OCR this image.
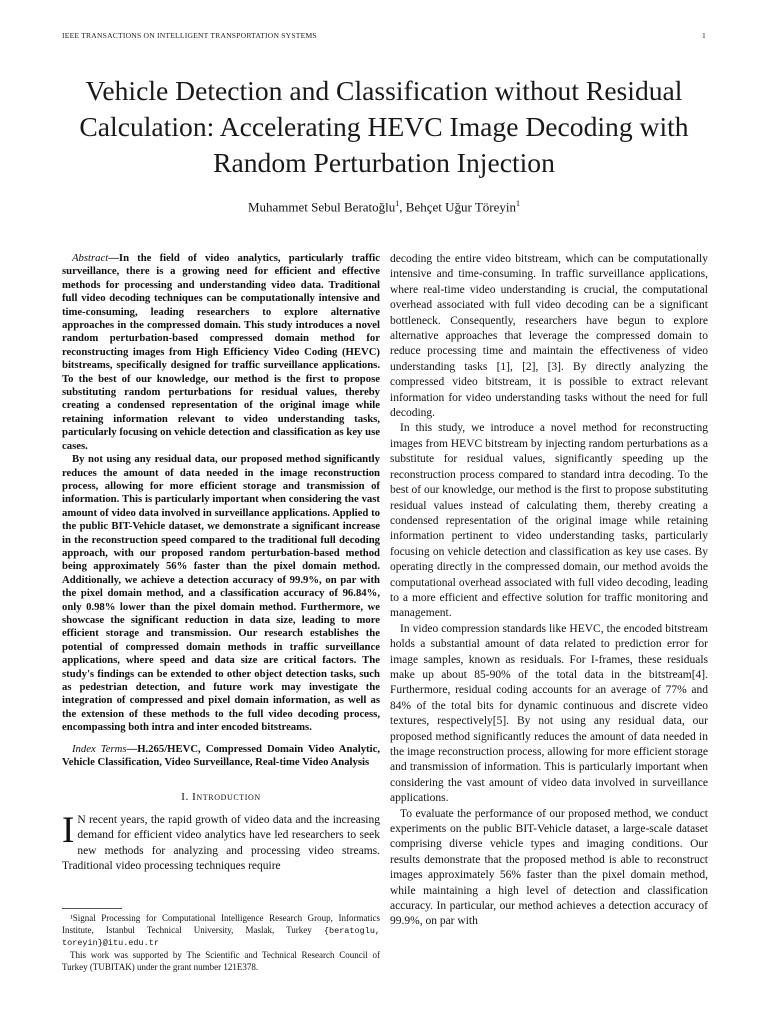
IEEE TRANSACTIONS ON INTELLIGENT TRANSPORTATION SYSTEMS	1
Vehicle Detection and Classification without Residual Calculation: Accelerating HEVC Image Decoding with Random Perturbation Injection
Muhammet Sebul Beratoğlu$^1$, Behçet Uğur Töreyin$^1$

Abstract—In the field of video analytics, particularly traffic surveillance, there is a growing need for efficient and effective methods for processing and understanding video data. Traditional full video decoding techniques can be computationally intensive and time-consuming, leading researchers to explore alternative approaches in the compressed domain. This study introduces a novel random perturbation-based compressed domain method for reconstructing images from High Efficiency Video Coding (HEVC) bitstreams, specifically designed for traffic surveillance applications. To the best of our knowledge, our method is the first to propose substituting random perturbations for residual values, thereby creating a condensed representation of the original image while retaining information relevant to video understanding tasks, particularly focusing on vehicle detection and classification as key use cases.

By not using any residual data, our proposed method significantly reduces the amount of data needed in the image reconstruction process, allowing for more efficient storage and transmission of information. This is particularly important when considering the vast amount of video data involved in surveillance applications. Applied to the public BIT-Vehicle dataset, we demonstrate a significant increase in the reconstruction speed compared to the traditional full decoding approach, with our proposed random perturbation-based method being approximately 56% faster than the pixel domain method. Additionally, we achieve a detection accuracy of 99.9%, on par with the pixel domain method, and a classification accuracy of 96.84%, only 0.98% lower than the pixel domain method. Furthermore, we showcase the significant reduction in data size, leading to more efficient storage and transmission. Our research establishes the potential of compressed domain methods in traffic surveillance applications, where speed and data size are critical factors. The study's findings can be extended to other object detection tasks, such as pedestrian detection, and future work may investigate the integration of compressed and pixel domain information, as well as the extension of these methods to the full video decoding process, encompassing both intra and inter encoded bitstreams.

Index Terms—H.265/HEVC, Compressed Domain Video Analytic, Vehicle Classification, Video Surveillance, Real-time Video Analysis
I. Introduction

I N recent years, the rapid growth of video data and the increasing demand for efficient video analytics have led researchers to seek new methods for analyzing and processing video streams. Traditional video processing techniques require

¹Signal Processing for Computational Intelligence Research Group, Informatics Institute, Istanbul Technical University, Maslak, Turkey {beratoglu, toreyin}@itu.edu.tr

This work was supported by The Scientific and Technical Research Council of Turkey (TUBITAK) under the grant number 121E378.

decoding the entire video bitstream, which can be computationally intensive and time-consuming. In traffic surveillance applications, where real-time video understanding is crucial, the computational overhead associated with full video decoding can be a significant bottleneck. Consequently, researchers have begun to explore alternative approaches that leverage the compressed domain to reduce processing time and maintain the effectiveness of video understanding tasks [1], [2], [3]. By directly analyzing the compressed video bitstream, it is possible to extract relevant information for video understanding tasks without the need for full decoding.

In this study, we introduce a novel method for reconstructing images from HEVC bitstream by injecting random perturbations as a substitute for residual values, significantly speeding up the reconstruction process compared to standard intra decoding. To the best of our knowledge, our method is the first to propose substituting residual values instead of calculating them, thereby creating a condensed representation of the original image while retaining information pertinent to video understanding tasks, particularly focusing on vehicle detection and classification as key use cases. By operating directly in the compressed domain, our method avoids the computational overhead associated with full video decoding, leading to a more efficient and effective solution for traffic monitoring and management.

In video compression standards like HEVC, the encoded bitstream holds a substantial amount of data related to prediction error for image samples, known as residuals. For I-frames, these residuals make up about 85-90% of the total data in the bitstream[4]. Furthermore, residual coding accounts for an average of 77% and 84% of the total bits for dynamic continuous and discrete video textures, respectively[5]. By not using any residual data, our proposed method significantly reduces the amount of data needed in the image reconstruction process, allowing for more efficient storage and transmission of information. This is particularly important when considering the vast amount of video data involved in surveillance applications.

To evaluate the performance of our proposed method, we conduct experiments on the public BIT-Vehicle dataset, a large-scale dataset comprising diverse vehicle types and imaging conditions. Our results demonstrate that the proposed method is able to reconstruct images approximately 56% faster than the pixel domain method, while maintaining a high level of detection and classification accuracy. In particular, our method achieves a detection accuracy of 99.9%, on par with
